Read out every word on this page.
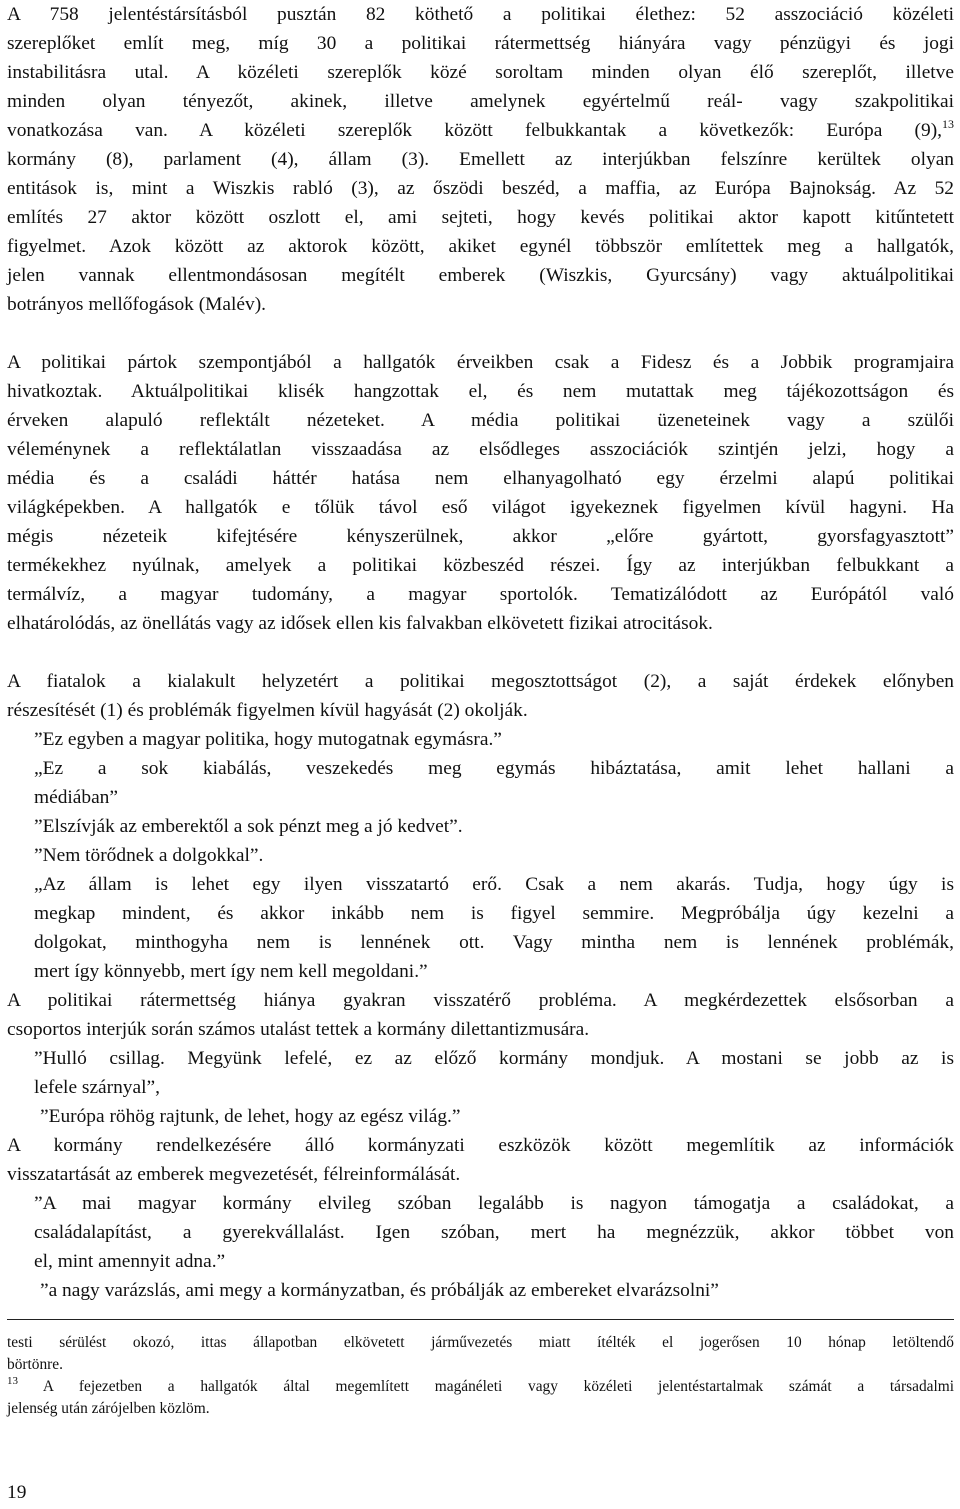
A 758 jelentéstársításból pusztán 82 köthető a politikai élethez: 52 asszociáció közéleti
szereplőket említ meg, míg 30 a politikai rátermettség hiányára vagy pénzügyi és jogi
instabilitásra utal. A közéleti szereplők közé soroltam minden olyan élő szereplőt, illetve
minden olyan tényezőt, akinek, illetve amelynek egyértelmű reál- vagy szakpolitikai
vonatkozása van. A közéleti szereplők között felbukkantak a következők: Európa (9),$^{13}$
kormány (8), parlament (4), állam (3). Emellett az interjúkban felszínre kerültek olyan
entitások is, mint a Wiszkis rabló (3), az őszödi beszéd, a maffia, az Európa Bajnokság. Az 52
említés 27 aktor között oszlott el, ami sejteti, hogy kevés politikai aktor kapott kitűntetett
figyelmet. Azok között az aktorok között, akiket egynél többször említettek meg a hallgatók,
jelen vannak ellentmondásosan megítélt emberek (Wiszkis, Gyurcsány) vagy aktuálpolitikai
botrányos mellőfogások (Malév).

A politikai pártok szempontjából a hallgatók érveikben csak a Fidesz és a Jobbik programjaira
hivatkoztak. Aktuálpolitikai klisék hangzottak el, és nem mutattak meg tájékozottságon és
érveken alapuló reflektált nézeteket. A média politikai üzeneteinek vagy a szülői
véleménynek a reflektálatlan visszaadása az elsődleges asszociációk szintjén jelzi, hogy a
média és a családi háttér hatása nem elhanyagolható egy érzelmi alapú politikai
világképekben. A hallgatók e tőlük távol eső világot igyekeznek figyelmen kívül hagyni. Ha
mégis nézeteik kifejtésére kényszerülnek, akkor „előre gyártott, gyorsfagyasztott”
termékekhez nyúlnak, amelyek a politikai közbeszéd részei. Így az interjúkban felbukkant a
termálvíz, a magyar tudomány, a magyar sportolók. Tematizálódott az Európától való
elhatárolódás, az önellátás vagy az idősek ellen kis falvakban elkövetett fizikai atrocitások.

A fiatalok a kialakult helyzetért a politikai megosztottságot (2), a saját érdekek előnyben
részesítését (1) és problémák figyelmen kívül hagyását (2) okolják.

”Ez egyben a magyar politika, hogy mutogatnak egymásra.”

„Ez a sok kiabálás, veszekedés meg egymás hibáztatása, amit lehet hallani a
médiában”

”Elszívják az emberektől a sok pénzt meg a jó kedvet”.

”Nem törődnek a dolgokkal”.

„Az állam is lehet egy ilyen visszatartó erő. Csak a nem akarás. Tudja, hogy úgy is
megkap mindent, és akkor inkább nem is figyel semmire. Megpróbálja úgy kezelni a
dolgokat, minthogyha nem is lennének ott. Vagy mintha nem is lennének problémák,
mert így könnyebb, mert így nem kell megoldani.”

A politikai rátermettség hiánya gyakran visszatérő probléma. A megkérdezettek elsősorban a
csoportos interjúk során számos utalást tettek a kormány dilettantizmusára.

”Hulló csillag. Megyünk lefelé, ez az előző kormány mondjuk. A mostani se jobb az is
lefele szárnyal”,

”Európa röhög rajtunk, de lehet, hogy az egész világ.”

A kormány rendelkezésére álló kormányzati eszközök között megemlítik az információk
visszatartását az emberek megvezetését, félreinformálását.

”A mai magyar kormány elvileg szóban legalább is nagyon támogatja a családokat, a
családalapítást, a gyerekvállalást. Igen szóban, mert ha megnézzük, akkor többet von
el, mint amennyit adna.”

”a nagy varázslás, ami megy a kormányzatban, és próbálják az embereket elvarázsolni”

testi sérülést okozó, ittas állapotban elkövetett járművezetés miatt ítélték el jogerősen 10 hónap letöltendő
börtönre.
$^{13}$ A fejezetben a hallgatók által megemlített magánéleti vagy közéleti jelentéstartalmak számát a társadalmi
jelenség után zárójelben közlöm.
19
